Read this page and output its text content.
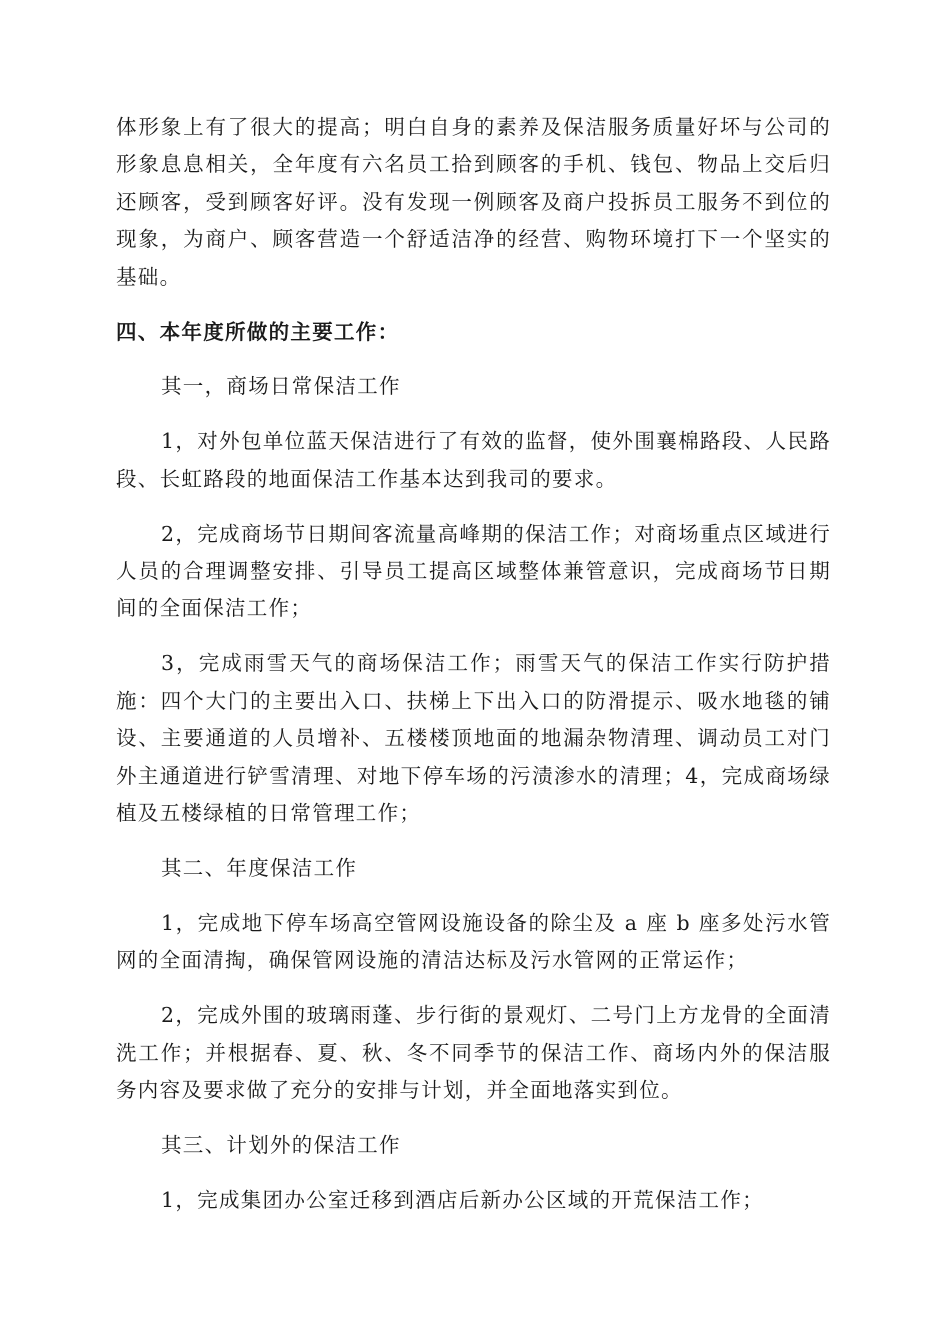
体形象上有了很大的提高；明白自身的素养及保洁服务质量好坏与公司的形象息息相关，全年度有六名员工拾到顾客的手机、钱包、物品上交后归还顾客，受到顾客好评。没有发现一例顾客及商户投拆员工服务不到位的现象，为商户、顾客营造一个舒适洁净的经营、购物环境打下一个坚实的基础。

四、本年度所做的主要工作：

其一，商场日常保洁工作

1，对外包单位蓝天保洁进行了有效的监督，使外围襄棉路段、人民路段、长虹路段的地面保洁工作基本达到我司的要求。

2，完成商场节日期间客流量高峰期的保洁工作；对商场重点区域进行人员的合理调整安排、引导员工提高区域整体兼管意识，完成商场节日期间的全面保洁工作；

3，完成雨雪天气的商场保洁工作；雨雪天气的保洁工作实行防护措施：四个大门的主要出入口、扶梯上下出入口的防滑提示、吸水地毯的铺设、主要通道的人员增补、五楼楼顶地面的地漏杂物清理、调动员工对门外主通道进行铲雪清理、对地下停车场的污渍渗水的清理；4，完成商场绿植及五楼绿植的日常管理工作；

其二、年度保洁工作

1，完成地下停车场高空管网设施设备的除尘及 a 座 b 座多处污水管网的全面清掏，确保管网设施的清洁达标及污水管网的正常运作；

2，完成外围的玻璃雨蓬、步行街的景观灯、二号门上方龙骨的全面清洗工作；并根据春、夏、秋、冬不同季节的保洁工作、商场内外的保洁服务内容及要求做了充分的安排与计划，并全面地落实到位。

其三、计划外的保洁工作

1，完成集团办公室迁移到酒店后新办公区域的开荒保洁工作；
